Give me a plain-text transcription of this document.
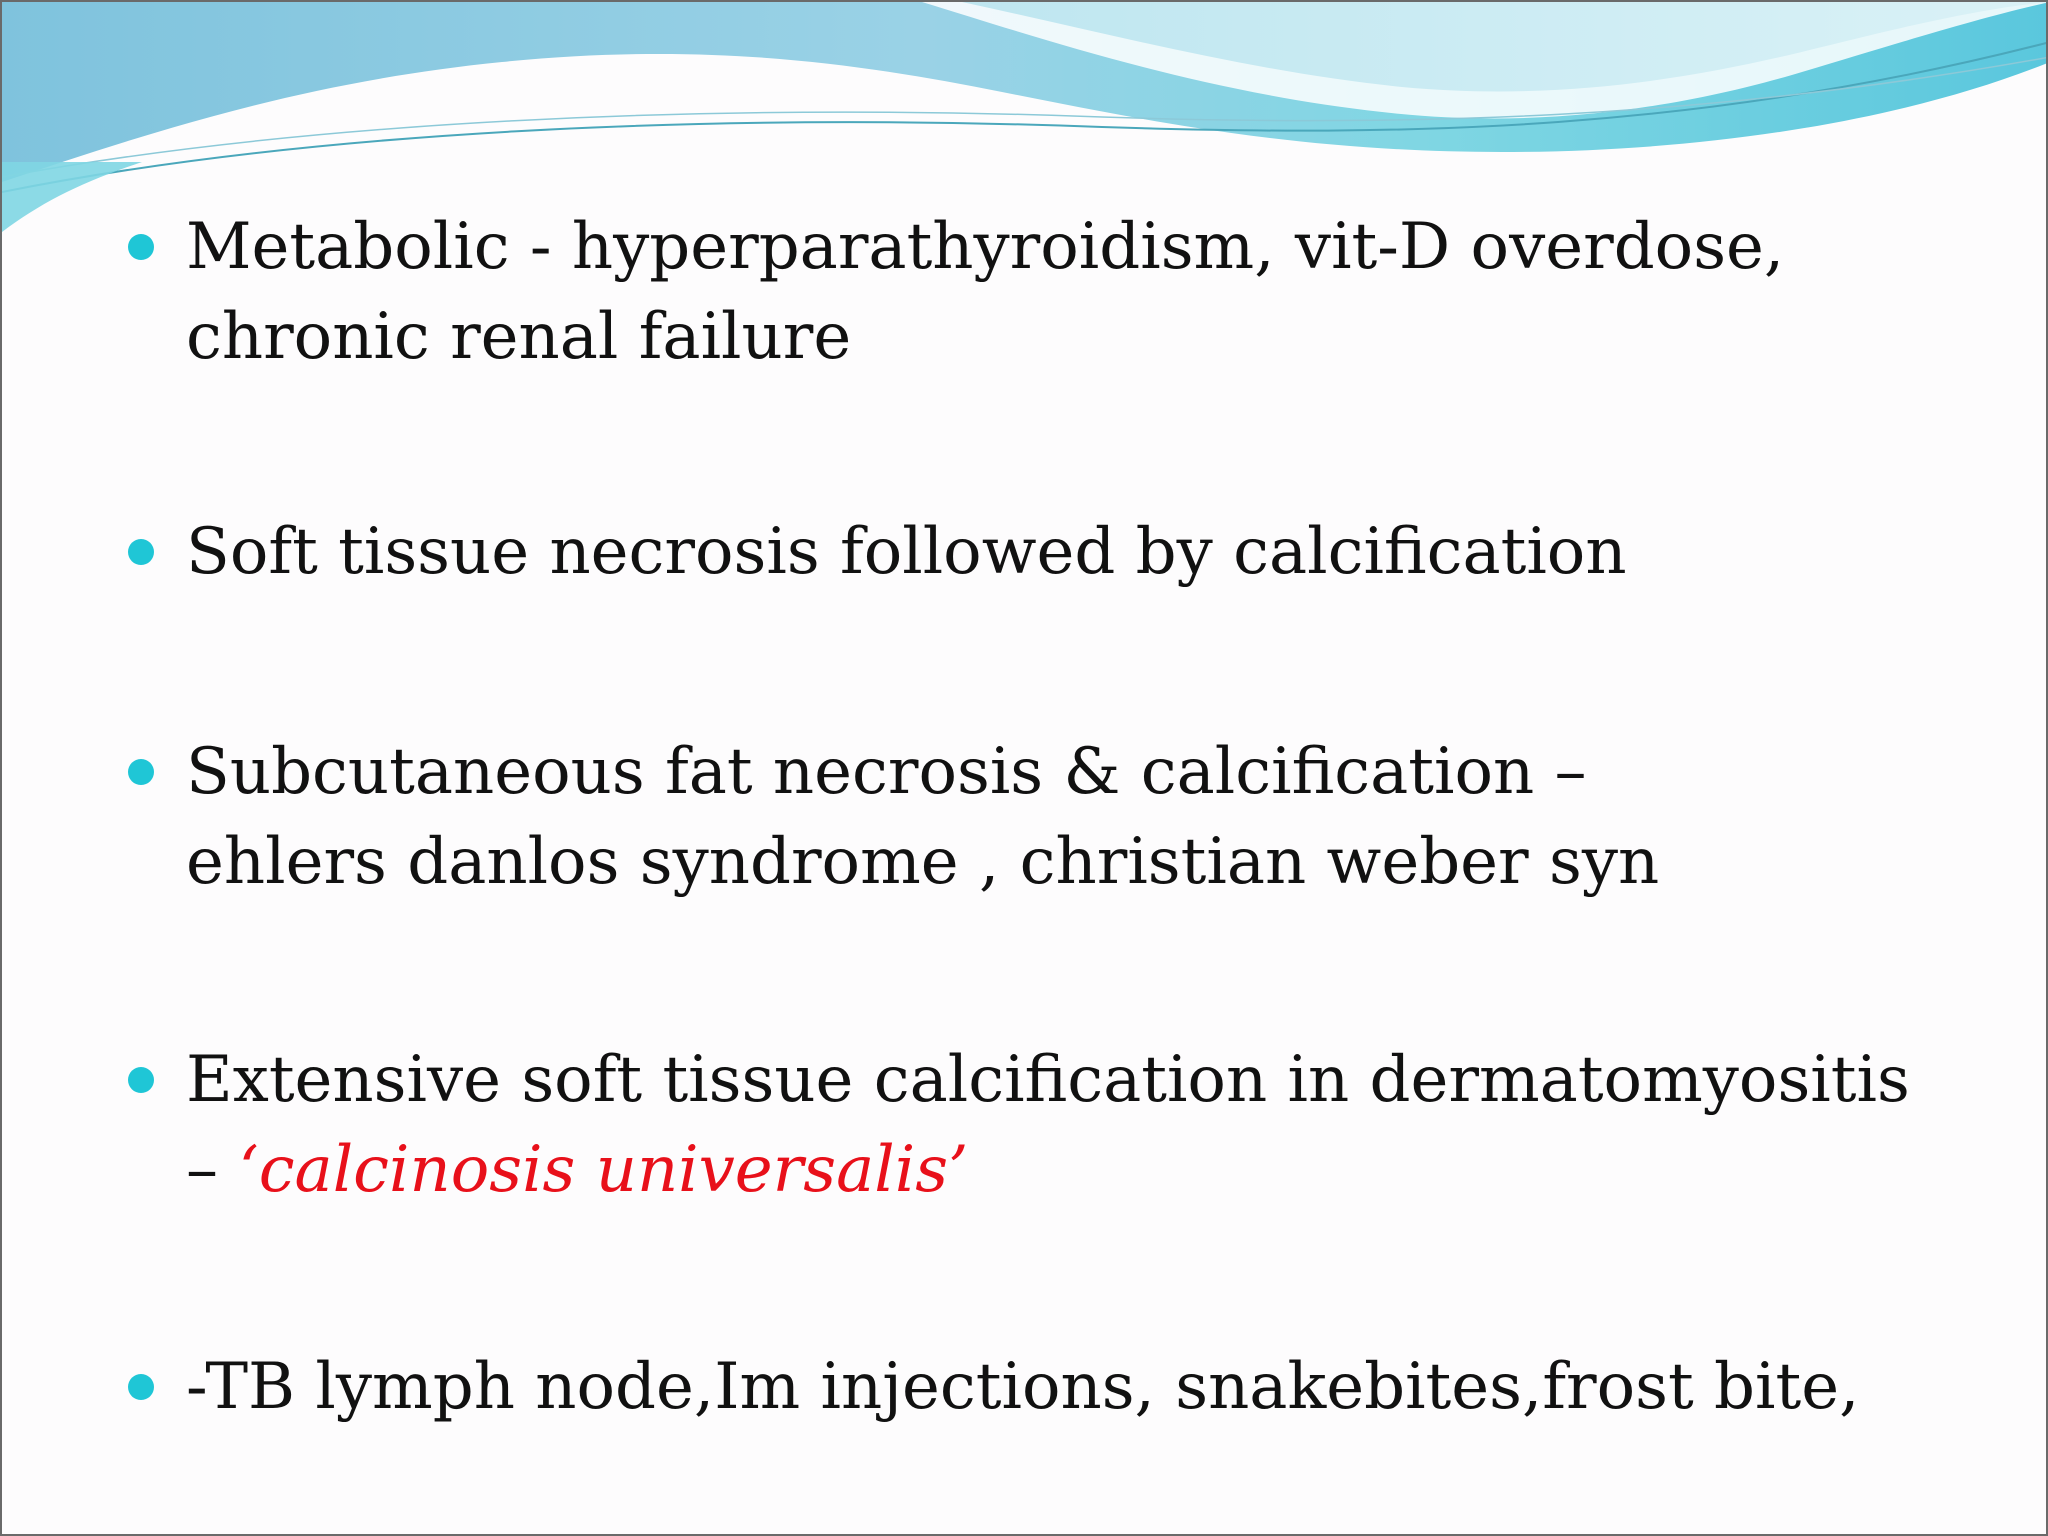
Metabolic - hyperparathyroidism, vit-D overdose,
chronic renal failure
Soft tissue necrosis followed by calcification
Subcutaneous fat necrosis & calcification –
ehlers danlos syndrome , christian weber syn
Extensive soft tissue calcification in dermatomyositis
– ‘calcinosis universalis’
-TB lymph node,Im injections, snakebites,frost bite,
